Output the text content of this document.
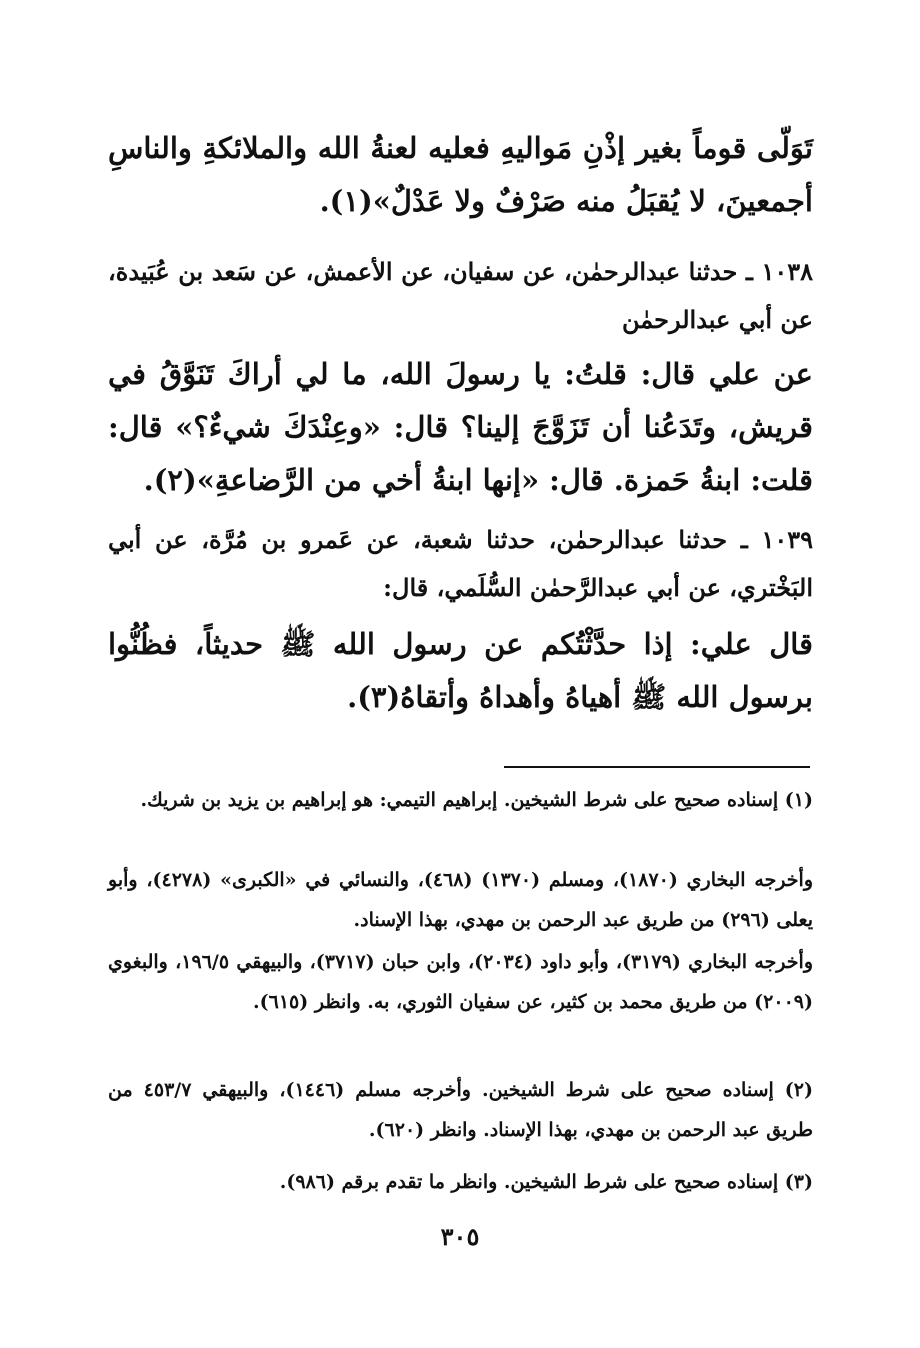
تَوَلّى قوماً بغير إذْنِ مَواليهِ فعليه لعنةُ الله والملائكةِ والناسِ أجمعينَ، لا يُقبَلُ منه صَرْفٌ ولا عَدْلٌ»(١).
١٠٣٨ ـ حدثنا عبدالرحمٰن، عن سفيان، عن الأعمش، عن سَعد بن عُبَيدة، عن أبي عبدالرحمٰن
عن علي قال: قلتُ: يا رسولَ الله، ما لي أراكَ تَنَوَّقُ في قريش، وتَدَعُنا أن تَزَوَّجَ إلينا؟ قال: «وعِنْدَكَ شيءٌ؟» قال: قلت: ابنةُ حَمزة. قال: «إنها ابنةُ أخي من الرَّضاعةِ»(٢).
١٠٣٩ ـ حدثنا عبدالرحمٰن، حدثنا شعبة، عن عَمرو بن مُرَّة، عن أبي البَخْتري، عن أبي عبدالرَّحمٰن السُّلَمي، قال:
قال علي: إذا حدَّثْتُكم عن رسول الله ﷺ حديثاً، فظُنُّوا برسول الله ﷺ أهياهُ وأهداهُ وأتقاهُ(٣).
(١) إسناده صحيح على شرط الشيخين. إبراهيم التيمي: هو إبراهيم بن يزيد بن شريك.
وأخرجه البخاري (١٨٧٠)، ومسلم (١٣٧٠) (٤٦٨)، والنسائي في «الكبرى» (٤٢٧٨)، وأبو يعلى (٢٩٦) من طريق عبد الرحمن بن مهدي، بهذا الإسناد.
وأخرجه البخاري (٣١٧٩)، وأبو داود (٢٠٣٤)، وابن حبان (٣٧١٧)، والبيهقي ١٩٦/٥، والبغوي (٢٠٠٩) من طريق محمد بن كثير، عن سفيان الثوري، به. وانظر (٦١٥).
(٢) إسناده صحيح على شرط الشيخين. وأخرجه مسلم (١٤٤٦)، والبيهقي ٤٥٣/٧ من طريق عبد الرحمن بن مهدي، بهذا الإسناد. وانظر (٦٢٠).
(٣) إسناده صحيح على شرط الشيخين. وانظر ما تقدم برقم (٩٨٦).
٣٠٥
